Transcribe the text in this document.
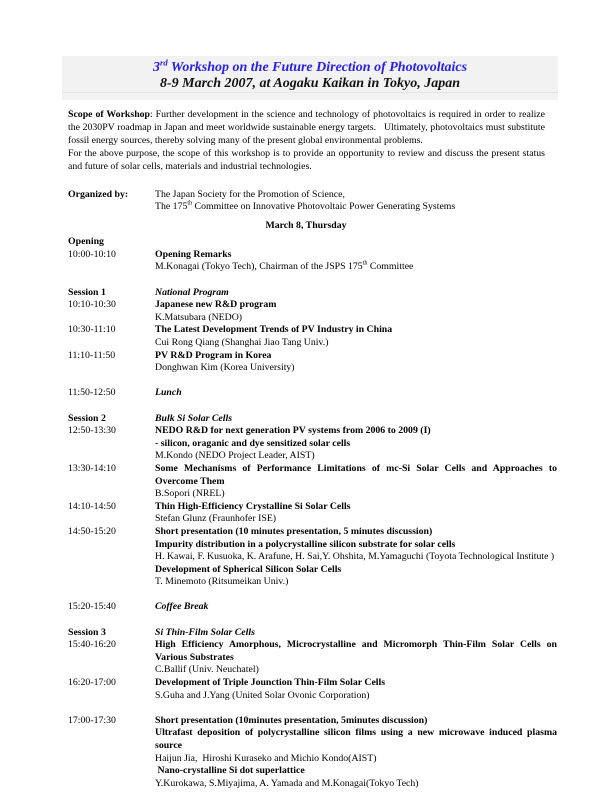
3rd Workshop on the Future Direction of Photovoltaics
8-9 March 2007, at Aogaku Kaikan in Tokyo, Japan
Scope of Workshop: Further development in the science and technology of photovoltaics is required in order to realize the 2030PV roadmap in Japan and meet worldwide sustainable energy targets.   Ultimately, photovoltaics must substitute fossil energy sources, thereby solving many of the present global environmental problems.
For the above purpose, the scope of this workshop is to provide an opportunity to review and discuss the present status and future of solar cells, materials and industrial technologies.
Organized by:	The Japan Society for the Promotion of Science,
The 175th Committee on Innovative Photovoltaic Power Generating Systems
March 8, Thursday
Opening
10:00-10:10	Opening Remarks
M.Konagai (Tokyo Tech), Chairman of the JSPS 175th Committee
Session 1	National Program
10:10-10:30	Japanese new R&D program
K.Matsubara (NEDO)
10:30-11:10	The Latest Development Trends of PV Industry in China
Cui Rong Qiang (Shanghai Jiao Tang Univ.)
11:10-11:50	PV R&D Program in Korea
Donghwan Kim (Korea University)
11:50-12:50	Lunch
Session 2	Bulk Si Solar Cells
12:50-13:30	NEDO R&D for next generation PV systems from 2006 to 2009 (I)
- silicon, oraganic and dye sensitized solar cells
M.Kondo (NEDO Project Leader, AIST)
13:30-14:10	Some Mechanisms of Performance Limitations of mc-Si Solar Cells and Approaches to Overcome Them
B.Sopori (NREL)
14:10-14:50	Thin High-Efficiency Crystalline Si Solar Cells
Stefan Glunz (Fraunhofer ISE)
14:50-15:20	Short presentation (10 minutes presentation, 5 minutes discussion)
Impurity distribution in a polycrystalline silicon substrate for solar cells
H. Kawai, F. Kusuoka, K. Arafune, H. Sai,Y. Ohshita, M.Yamaguchi (Toyota Technological Institute )
Development of Spherical Silicon Solar Cells
T. Minemoto (Ritsumeikan Univ.)
15:20-15:40	Coffee Break
Session 3	Si Thin-Film Solar Cells
15:40-16:20	High Efficiency Amorphous, Microcrystalline and Micromorph Thin-Film Solar Cells on Various Substrates
C.Ballif (Univ. Neuchatel)
16:20-17:00	Development of Triple Jounction Thin-Film Solar Cells
S.Guha and J.Yang (United Solar Ovonic Corporation)
17:00-17:30	Short presentation (10minutes presentation, 5minutes discussion)
Ultrafast deposition of polycrystalline silicon films using a new microwave induced plasma source
Haijun Jia,  Hiroshi Kuraseko and Michio Kondo(AIST)
Nano-crystalline Si dot superlattice
Y.Kurokawa, S.Miyajima, A. Yamada and M.Konagai(Tokyo Tech)
